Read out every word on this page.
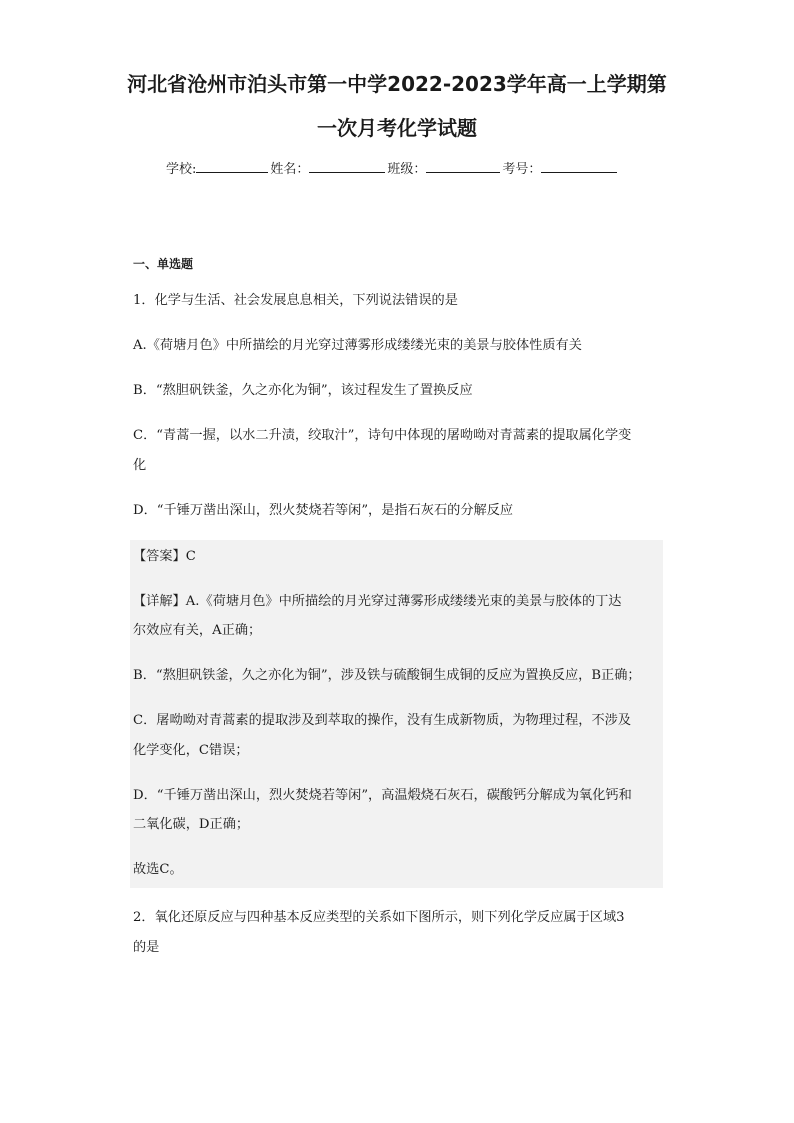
河北省沧州市泊头市第一中学2022-2023学年高一上学期第
一次月考化学试题
学校:	姓名：	班级：	考号：
一、单选题
1．化学与生活、社会发展息息相关，下列说法错误的是
A.《荷塘月色》中所描绘的月光穿过薄雾形成缕缕光束的美景与胶体性质有关
B．“熬胆矾铁釜，久之亦化为铜”，该过程发生了置换反应
C．“青蒿一握，以水二升渍，绞取汁”，诗句中体现的屠呦呦对青蒿素的提取属化学变
化
D．“千锤万凿出深山，烈火焚烧若等闲”，是指石灰石的分解反应
【答案】C
【详解】A.《荷塘月色》中所描绘的月光穿过薄雾形成缕缕光束的美景与胶体的丁达
尔效应有关，A正确；
B．“熬胆矾铁釜，久之亦化为铜”，涉及铁与硫酸铜生成铜的反应为置换反应，B正确；
C．屠呦呦对青蒿素的提取涉及到萃取的操作，没有生成新物质，为物理过程，不涉及
化学变化，C错误；
D．“千锤万凿出深山，烈火焚烧若等闲”，高温煅烧石灰石，碳酸钙分解成为氧化钙和
二氧化碳，D正确；
故选C。
2．氧化还原反应与四种基本反应类型的关系如下图所示，则下列化学反应属于区域3
的是
